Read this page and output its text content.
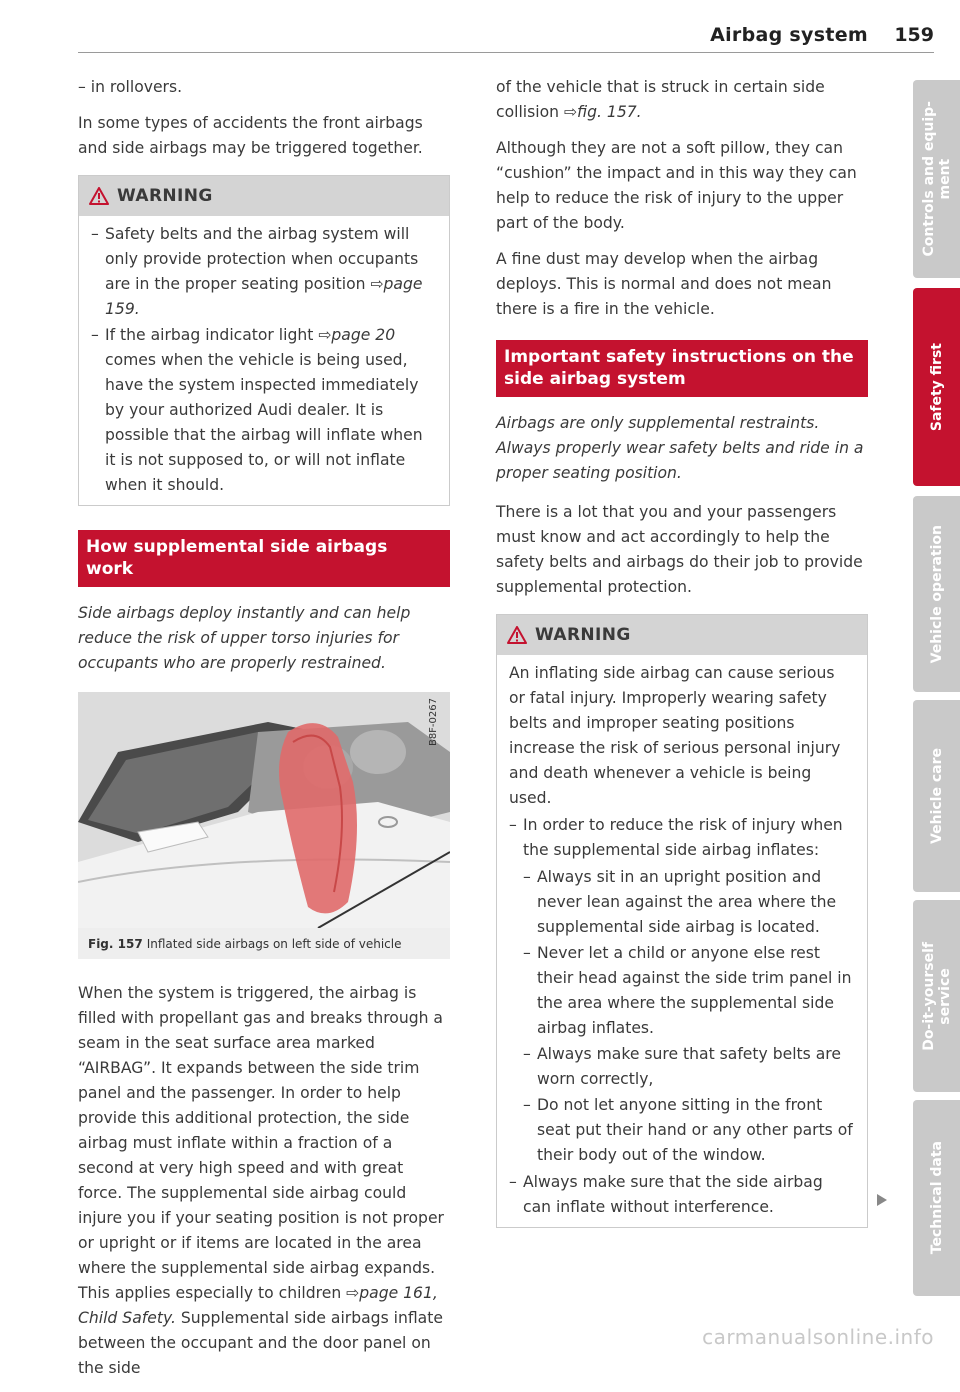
Airbag system 159

– in rollovers.

In some types of accidents the front airbags and side airbags may be triggered together.

WARNING
– Safety belts and the airbag system will only provide protection when occupants are in the proper seating position ⇨page 159.
– If the airbag indicator light ⇨page 20 comes when the vehicle is being used, have the system inspected immediately by your authorized Audi dealer. It is possible that the airbag will inflate when it is not supposed to, or will not inflate when it should.
How supplemental side airbags work

Side airbags deploy instantly and can help reduce the risk of upper torso injuries for occupants who are properly restrained.

B8F-0267
Fig. 157 Inflated side airbags on left side of vehicle

When the system is triggered, the airbag is filled with propellant gas and breaks through a seam in the seat surface area marked “AIRBAG”. It expands between the side trim panel and the passenger. In order to help provide this additional protection, the side airbag must inflate within a fraction of a second at very high speed and with great force. The supplemental side airbag could injure you if your seating position is not proper or upright or if items are located in the area where the supplemental side airbag expands. This applies especially to children ⇨page 161, Child Safety. Supplemental side airbags inflate between the occupant and the door panel on the side

of the vehicle that is struck in certain side collision ⇨fig. 157.

Although they are not a soft pillow, they can “cushion” the impact and in this way they can help to reduce the risk of injury to the upper part of the body.

A fine dust may develop when the airbag deploys. This is normal and does not mean there is a fire in the vehicle.

Important safety instructions on the side airbag system

Airbags are only supplemental restraints. Always properly wear safety belts and ride in a proper seating position.

There is a lot that you and your passengers must know and act accordingly to help the safety belts and airbags do their job to provide supplemental protection.

WARNING

An inflating side airbag can cause serious or fatal injury. Improperly wearing safety belts and improper seating positions increase the risk of serious personal injury and death whenever a vehicle is being used.

– In order to reduce the risk of injury when the supplemental side airbag inflates:
– Always sit in an upright position and never lean against the area where the supplemental side airbag is located.
– Never let a child or anyone else rest their head against the side trim panel in the area where the supplemental side airbag inflates.
– Always make sure that safety belts are worn correctly,
– Do not let anyone sitting in the front seat put their hand or any other parts of their body out of the window.
– Always make sure that the side airbag can inflate without interference.
Controls and equip-
ment
Safety first
Vehicle operation
Vehicle care
Do-it-yourself
service
Technical data
carmanualsonline.info
